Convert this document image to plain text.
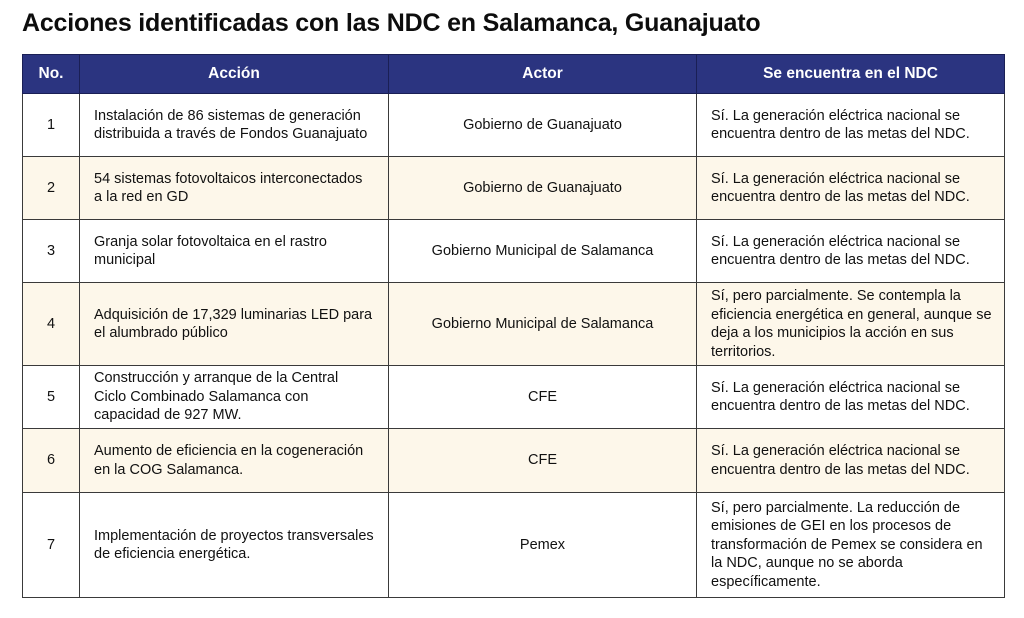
Acciones identificadas con las NDC en Salamanca, Guanajuato
No.	Acción	Actor	Se encuentra en el NDC
1	Instalación de 86 sistemas de generación distribuida a través de Fondos Guanajuato	Gobierno de Guanajuato	Sí. La generación eléctrica nacional se encuentra dentro de las metas del NDC.
2	54 sistemas fotovoltaicos interconectados a la red en GD	Gobierno de Guanajuato	Sí. La generación eléctrica nacional se encuentra dentro de las metas del NDC.
3	Granja solar fotovoltaica en el rastro municipal	Gobierno Municipal de Salamanca	Sí. La generación eléctrica nacional se encuentra dentro de las metas del NDC.
4	Adquisición de 17,329 luminarias LED para el alumbrado público	Gobierno Municipal de Salamanca	Sí, pero parcialmente. Se contempla la eficiencia energética en general, aunque se deja a los municipios la acción en sus territorios.
5	Construcción y arranque de la Central Ciclo Combinado Salamanca con capacidad de 927 MW.	CFE	Sí. La generación eléctrica nacional se encuentra dentro de las metas del NDC.
6	Aumento de eficiencia en la cogeneración en la COG Salamanca.	CFE	Sí. La generación eléctrica nacional se encuentra dentro de las metas del NDC.
7	Implementación de proyectos transversales de eficiencia energética.	Pemex	Sí, pero parcialmente. La reducción de emisiones de GEI en los procesos de transformación de Pemex se considera en la NDC, aunque no se aborda específicamente.
